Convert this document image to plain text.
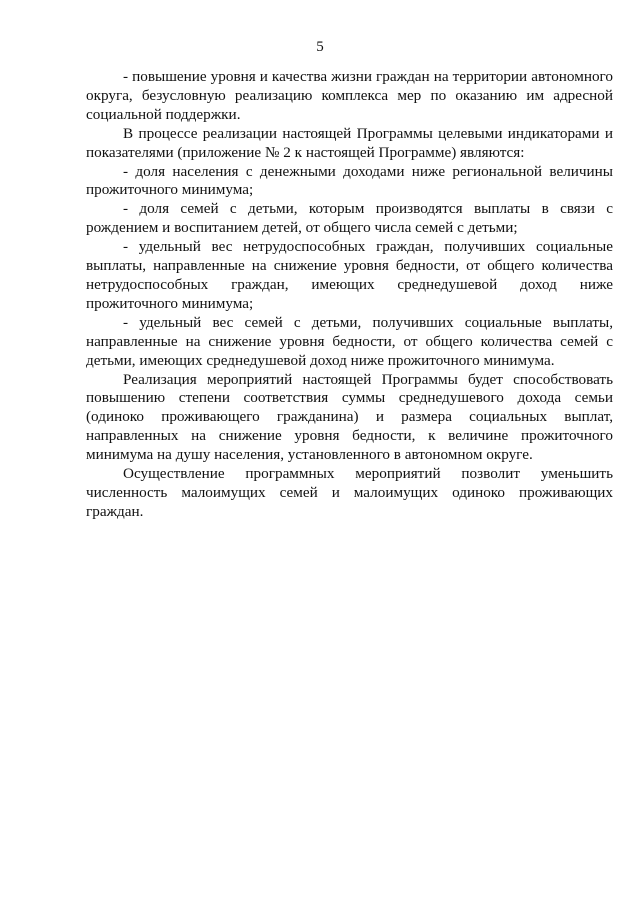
5

- повышение уровня и качества жизни граждан на территории автономного округа, безусловную реализацию комплекса мер по оказанию им адресной социальной поддержки.

В процессе реализации настоящей Программы целевыми индикаторами и показателями (приложение № 2 к настоящей Программе) являются:

- доля населения с денежными доходами ниже региональной величины прожиточного минимума;

- доля семей с детьми, которым производятся выплаты в связи с рождением и воспитанием детей, от общего числа семей с детьми;

- удельный вес нетрудоспособных граждан, получивших социальные выплаты, направленные на снижение уровня бедности, от общего количества нетрудоспособных граждан, имеющих среднедушевой доход ниже прожиточного минимума;

- удельный вес семей с детьми, получивших социальные выплаты, направленные на снижение уровня бедности, от общего количества семей с детьми, имеющих среднедушевой доход ниже прожиточного минимума.

Реализация мероприятий настоящей Программы будет способствовать повышению степени соответствия суммы среднедушевого дохода семьи (одиноко проживающего гражданина) и размера социальных выплат, направленных на снижение уровня бедности, к величине прожиточного минимума на душу населения, установленного в автономном округе.

Осуществление программных мероприятий позволит уменьшить численность малоимущих семей и малоимущих одиноко проживающих граждан.
